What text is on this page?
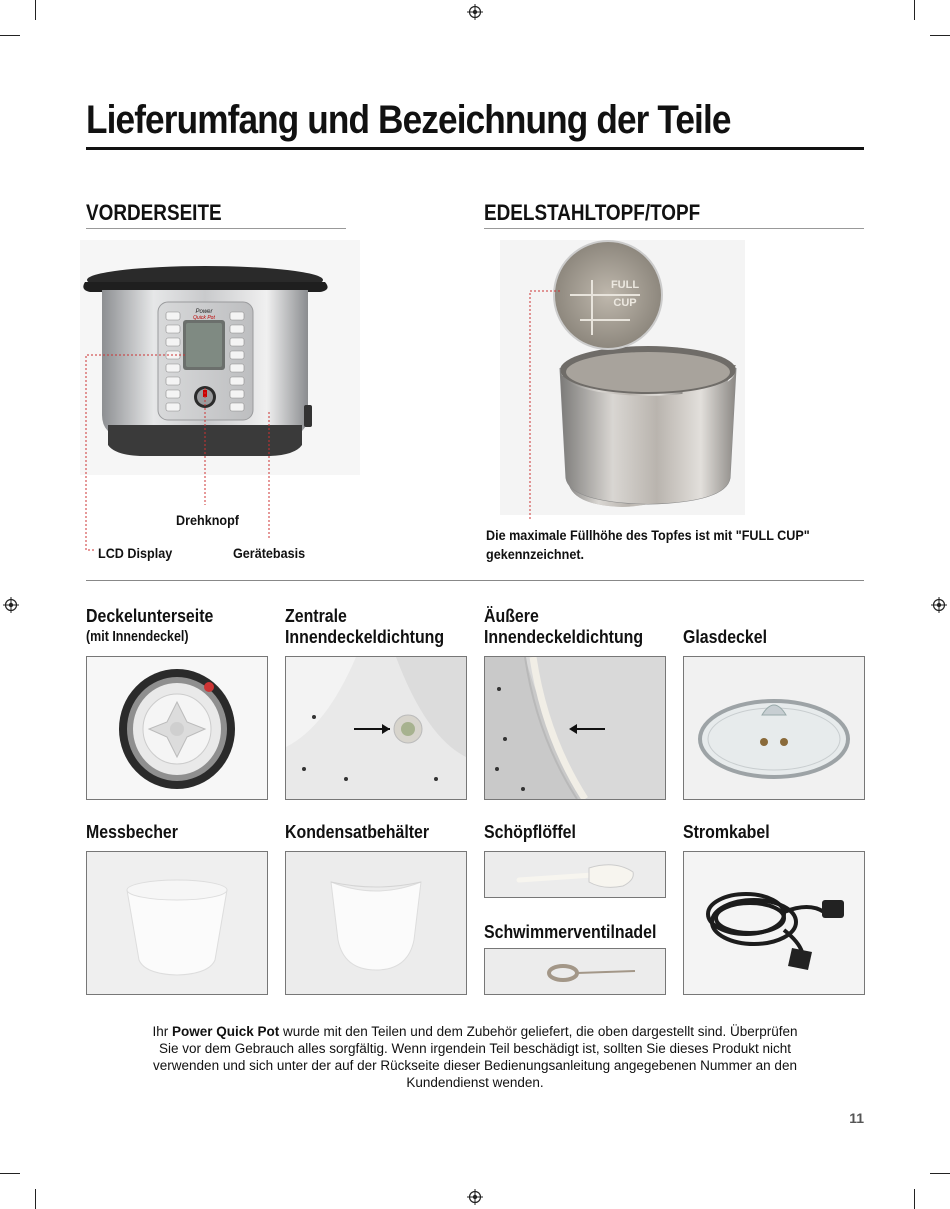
Lieferumfang und Bezeichnung der Teile
VORDERSEITE
Power
Quick Pot
Drehknopf
LCD Display	Gerätebasis
EDELSTAHLTOPF/TOPF
FULL
CUP
Die maximale Füllhöhe des Topfes ist mit "FULL CUP" gekennzeichnet.
Deckelunterseite
(mit Innendeckel)
Zentrale
Innendeckeldichtung
Äußere
Innendeckeldichtung Glasdeckel
Messbecher	Kondensatbehälter	Schöpflöffel
Schwimmerventilnadel
Stromkabel
Ihr Power Quick Pot wurde mit den Teilen und dem Zubehör geliefert, die oben dargestellt sind. Überprüfen Sie vor dem Gebrauch alles sorgfältig. Wenn irgendein Teil beschädigt ist, sollten Sie dieses Produkt nicht verwenden und sich unter der auf der Rückseite dieser Bedienungsanleitung angegebenen Nummer an den Kundendienst wenden.
11
